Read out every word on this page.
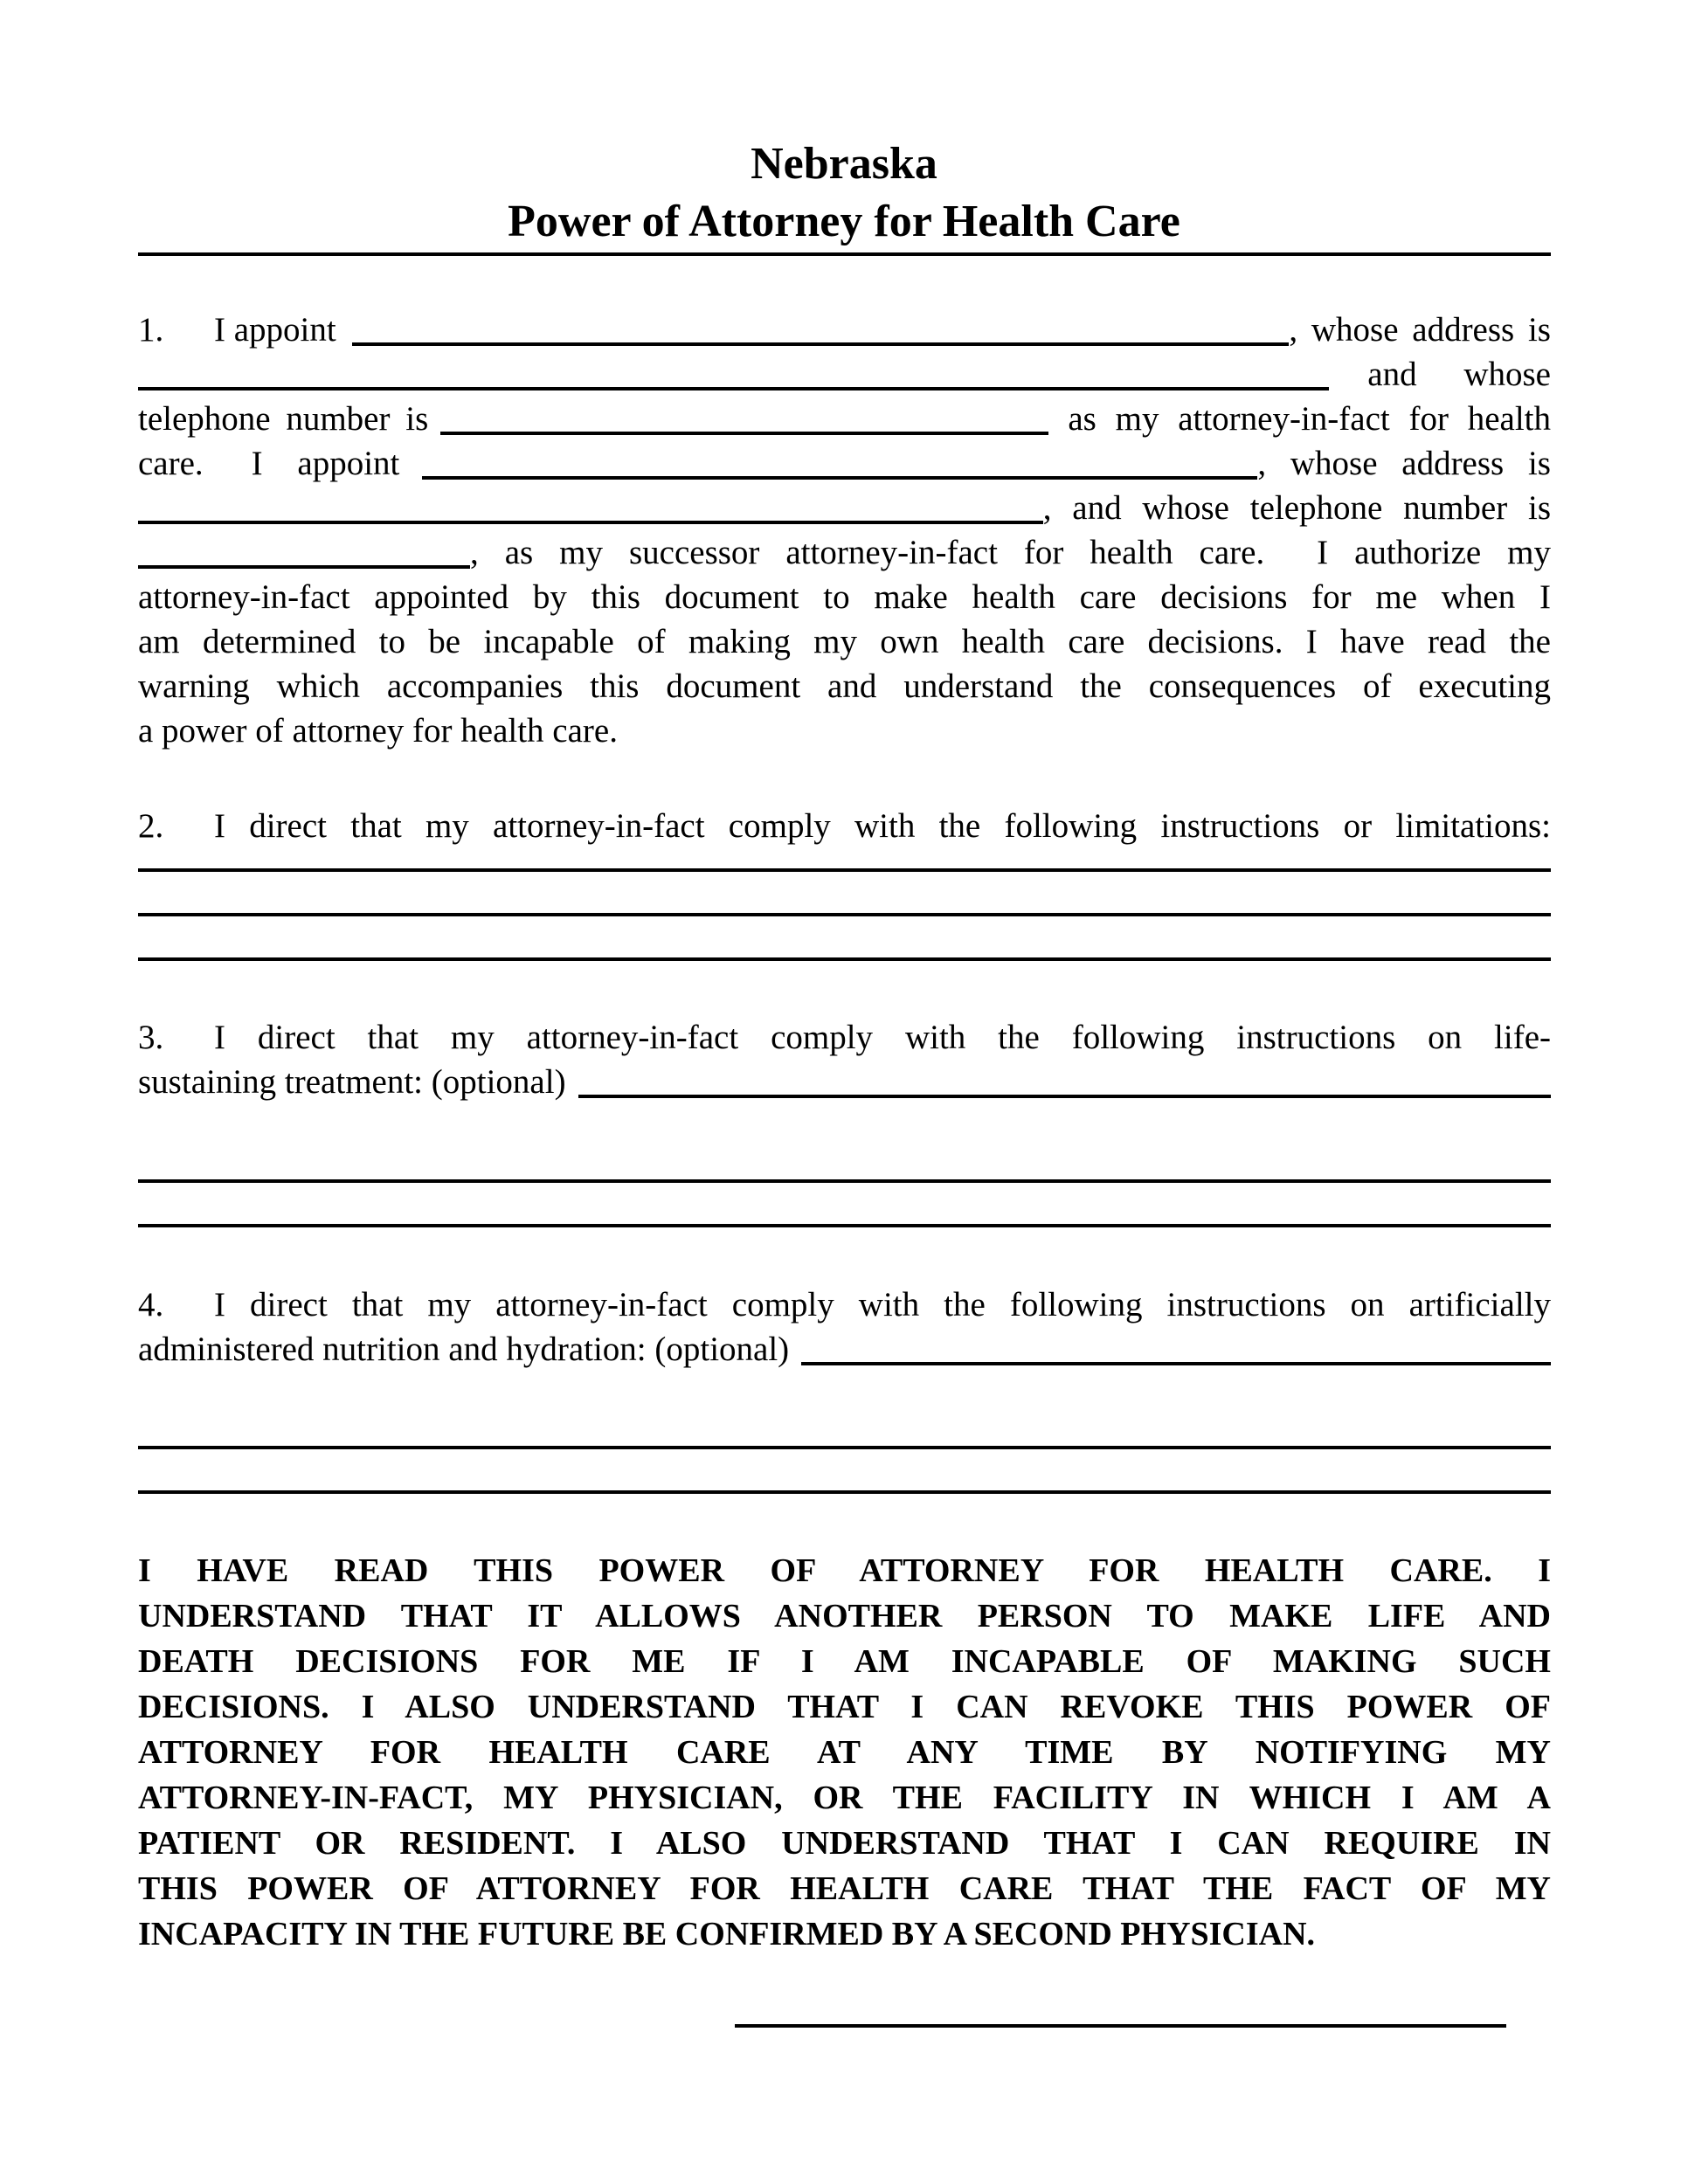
Nebraska
Power of Attorney for Health Care
1.	I appoint	, whose address is
and whose
telephone number is	as my attorney-in-fact for health
care. I appoint	, whose address is
, and whose telephone number is
, as my successor attorney-in-fact for health care.  I authorize my
attorney-in-fact appointed by this document to make health care decisions for me when I
am determined to be incapable of making my own health care decisions. I have read the
warning which accompanies this document and understand the consequences of executing
a power of attorney for health care.
2.	I direct that my attorney-in-fact comply with the following instructions or limitations:
3.	I direct that my attorney-in-fact comply with the following instructions on life-
sustaining treatment: (optional)
4.	I direct that my attorney-in-fact comply with the following instructions on artificially
administered nutrition and hydration: (optional)
I HAVE READ THIS POWER OF ATTORNEY FOR HEALTH CARE. I
UNDERSTAND THAT IT ALLOWS ANOTHER PERSON TO MAKE LIFE AND
DEATH DECISIONS FOR ME IF I AM INCAPABLE OF MAKING SUCH
DECISIONS. I ALSO UNDERSTAND THAT I CAN REVOKE THIS POWER OF
ATTORNEY FOR HEALTH CARE AT ANY TIME BY NOTIFYING MY
ATTORNEY-IN-FACT, MY PHYSICIAN, OR THE FACILITY IN WHICH I AM A
PATIENT OR RESIDENT. I ALSO UNDERSTAND THAT I CAN REQUIRE IN
THIS POWER OF ATTORNEY FOR HEALTH CARE THAT THE FACT OF MY
INCAPACITY IN THE FUTURE BE CONFIRMED BY A SECOND PHYSICIAN.
